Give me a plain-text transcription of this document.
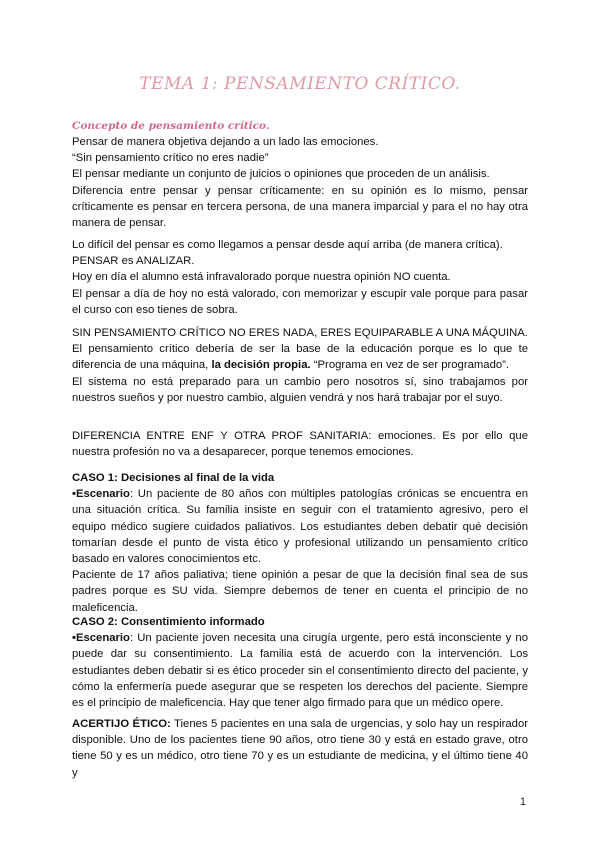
TEMA 1: PENSAMIENTO CRÍTICO.

Concepto de pensamiento crítico.

Pensar de manera objetiva dejando a un lado las emociones.

“Sin pensamiento crítico no eres nadie”

El pensar mediante un conjunto de juicios o opiniones que proceden de un análisis.

Diferencia entre pensar y pensar críticamente: en su opinión es lo mismo, pensar críticamente es pensar en tercera persona, de una manera imparcial y para el no hay otra manera de pensar.

Lo difícil del pensar es como llegamos a pensar desde aquí arriba (de manera crítica).

PENSAR es ANALIZAR.

Hoy en día el alumno está infravalorado porque nuestra opinión NO cuenta.

El pensar a día de hoy no está valorado, con memorizar y escupir vale porque para pasar el curso con eso tienes de sobra.

SIN PENSAMIENTO CRÍTICO NO ERES NADA, ERES EQUIPARABLE A UNA MÁQUINA.

El pensamiento crítico debería de ser la base de la educación porque es lo que te diferencia de una máquina, la decisión propia. “Programa en vez de ser programado”.

El sistema no está preparado para un cambio pero nosotros sí, sino trabajamos por nuestros sueños y por nuestro cambio, alguien vendrá y nos hará trabajar por el suyo.

DIFERENCIA ENTRE ENF Y OTRA PROF SANITARIA: emociones. Es por ello que nuestra profesión no va a desaparecer, porque tenemos emociones.

CASO 1: Decisiones al final de la vida

•Escenario: Un paciente de 80 años con múltiples patologías crónicas se encuentra en una situación crítica. Su familia insiste en seguir con el tratamiento agresivo, pero el equipo médico sugiere cuidados paliativos. Los estudiantes deben debatir qué decisión tomarían desde el punto de vista ético y profesional utilizando un pensamiento crítico basado en valores conocimientos etc.

Paciente de 17 años paliativa; tiene opinión a pesar de que la decisión final sea de sus padres porque es SU vida. Siempre debemos de tener en cuenta el principio de no maleficencia.

CASO 2: Consentimiento informado

•Escenario: Un paciente joven necesita una cirugía urgente, pero está inconsciente y no puede dar su consentimiento. La familia está de acuerdo con la intervención. Los estudiantes deben debatir si es ético proceder sin el consentimiento directo del paciente, y cómo la enfermería puede asegurar que se respeten los derechos del paciente. Siempre es el principio de maleficencia. Hay que tener algo firmado para que un médico opere.

ACERTIJO ÉTICO: Tienes 5 pacientes en una sala de urgencias, y solo hay un respirador disponible. Uno de los pacientes tiene 90 años, otro tiene 30 y está en estado grave, otro tiene 50 y es un médico, otro tiene 70 y es un estudiante de medicina, y el último tiene 40 y

1
